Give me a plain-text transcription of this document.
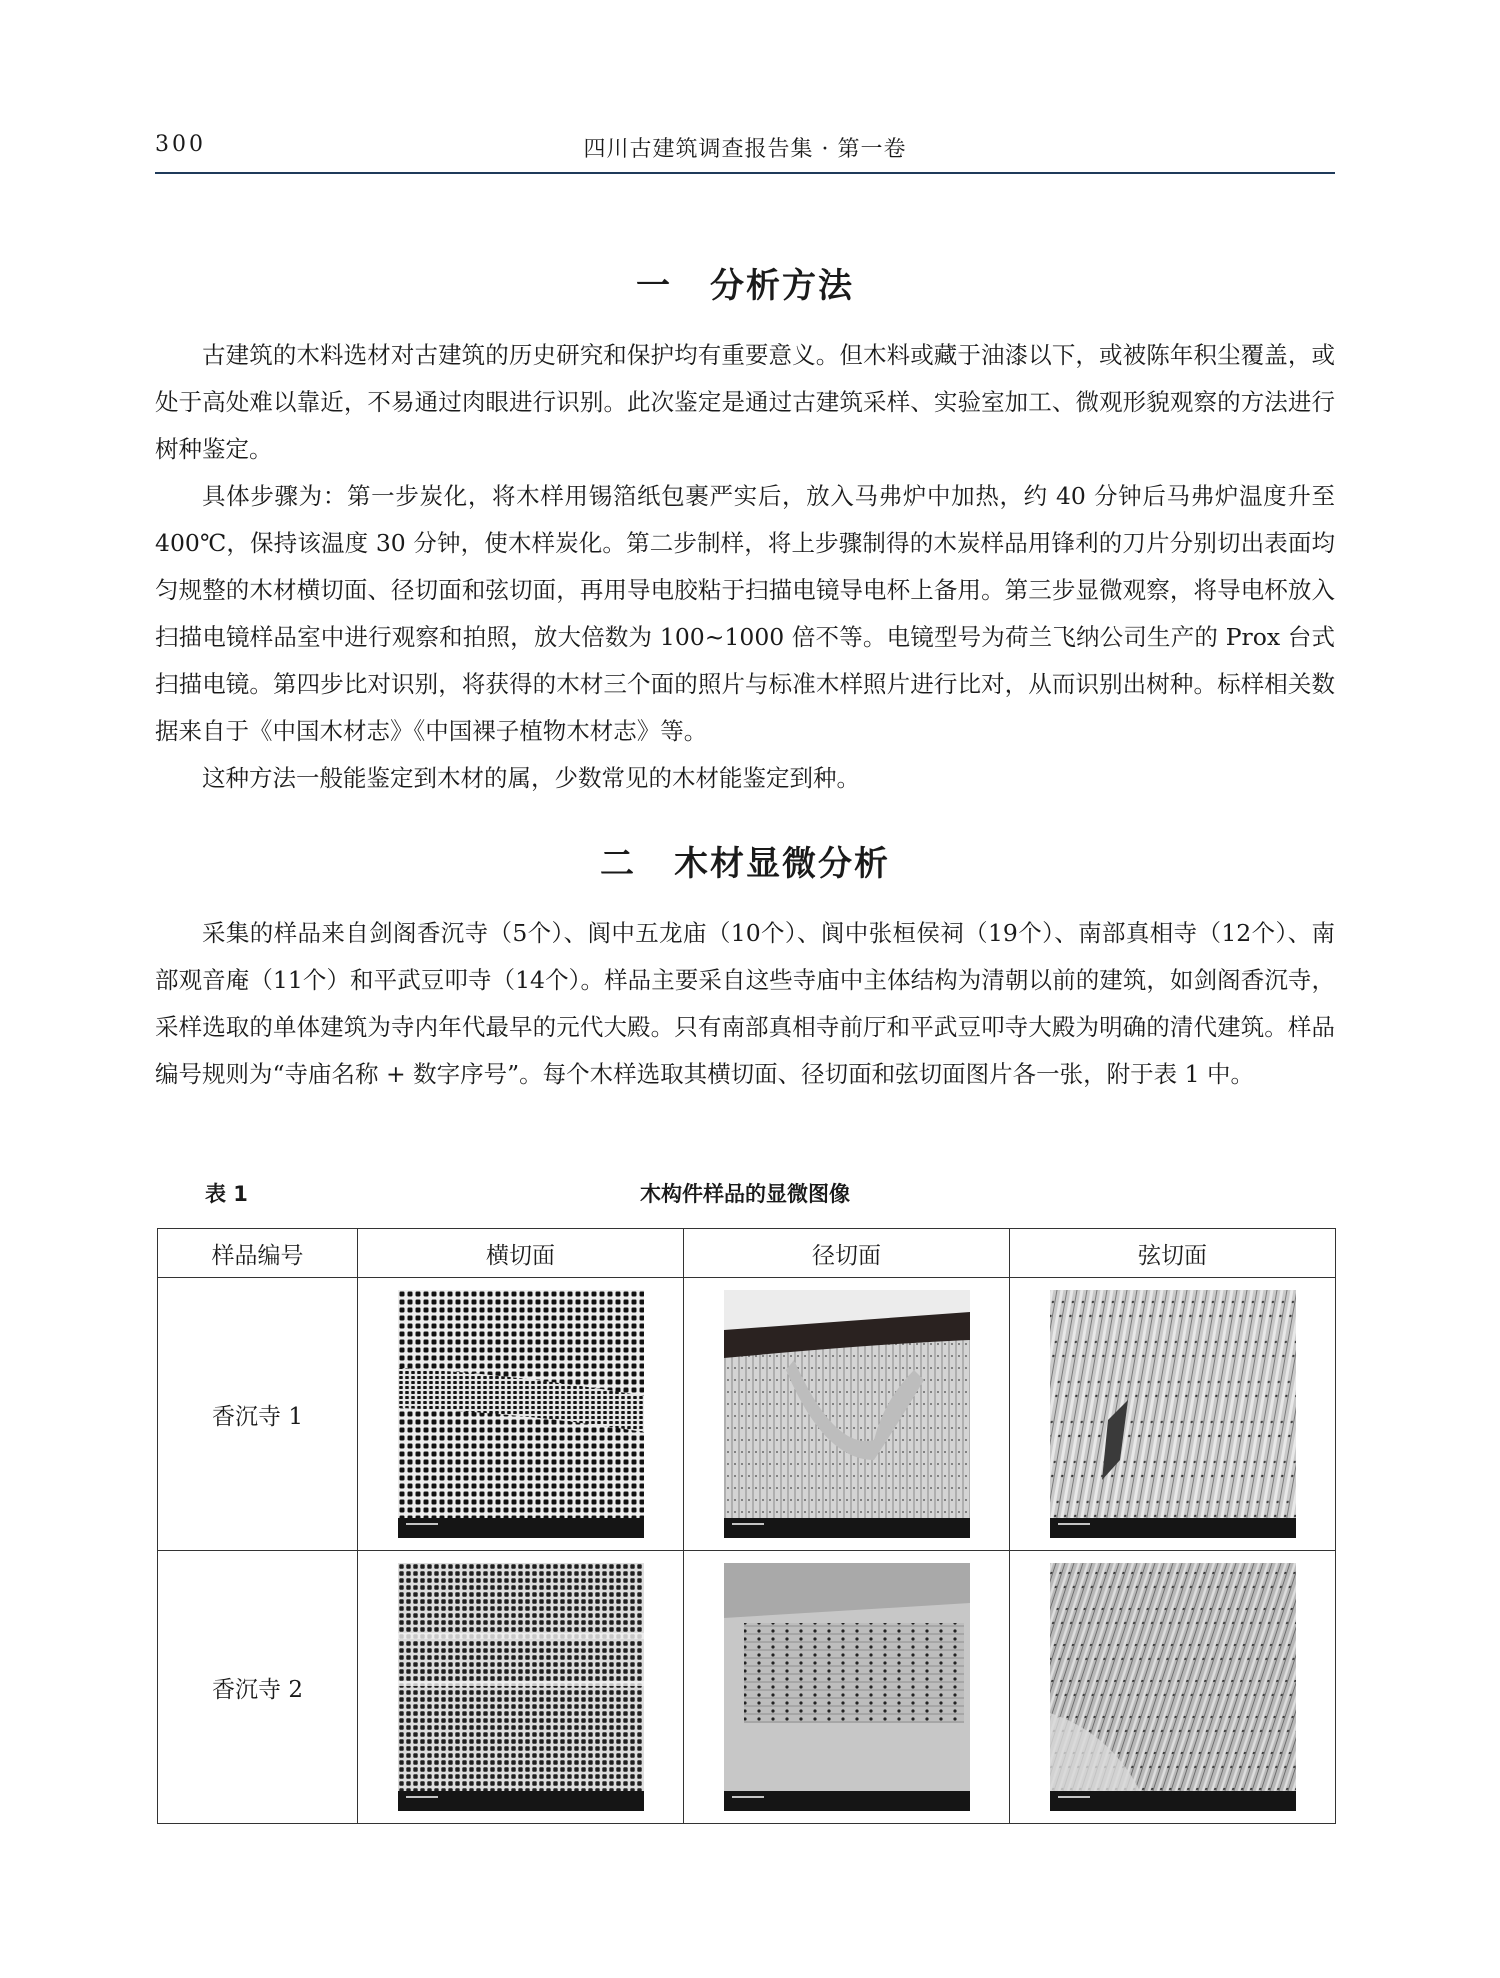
300	四川古建筑调查报告集 · 第一卷
一 分析方法

古建筑的木料选材对古建筑的历史研究和保护均有重要意义。但木料或藏于油漆以下，或被陈年积尘覆盖，或处于高处难以靠近，不易通过肉眼进行识别。此次鉴定是通过古建筑采样、实验室加工、微观形貌观察的方法进行树种鉴定。

具体步骤为：第一步炭化，将木样用锡箔纸包裹严实后，放入马弗炉中加热，约 40 分钟后马弗炉温度升至 400℃，保持该温度 30 分钟，使木样炭化。第二步制样，将上步骤制得的木炭样品用锋利的刀片分别切出表面均匀规整的木材横切面、径切面和弦切面，再用导电胶粘于扫描电镜导电杯上备用。第三步显微观察，将导电杯放入扫描电镜样品室中进行观察和拍照，放大倍数为 100~1000 倍不等。电镜型号为荷兰飞纳公司生产的 Prox 台式扫描电镜。第四步比对识别，将获得的木材三个面的照片与标准木样照片进行比对，从而识别出树种。标样相关数据来自于《中国木材志》《中国裸子植物木材志》等。

这种方法一般能鉴定到木材的属，少数常见的木材能鉴定到种。

二 木材显微分析

采集的样品来自剑阁香沉寺（5个）、阆中五龙庙（10个）、阆中张桓侯祠（19个）、南部真相寺（12个）、南部观音庵（11个）和平武豆叩寺（14个）。样品主要采自这些寺庙中主体结构为清朝以前的建筑，如剑阁香沉寺，采样选取的单体建筑为寺内年代最早的元代大殿。只有南部真相寺前厅和平武豆叩寺大殿为明确的清代建筑。样品编号规则为“寺庙名称 + 数字序号”。每个木样选取其横切面、径切面和弦切面图片各一张，附于表 1 中。

表 1	木构件样品的显微图像
样品编号	横切面	径切面	弦切面
香沉寺 1	

香沉寺 2	
